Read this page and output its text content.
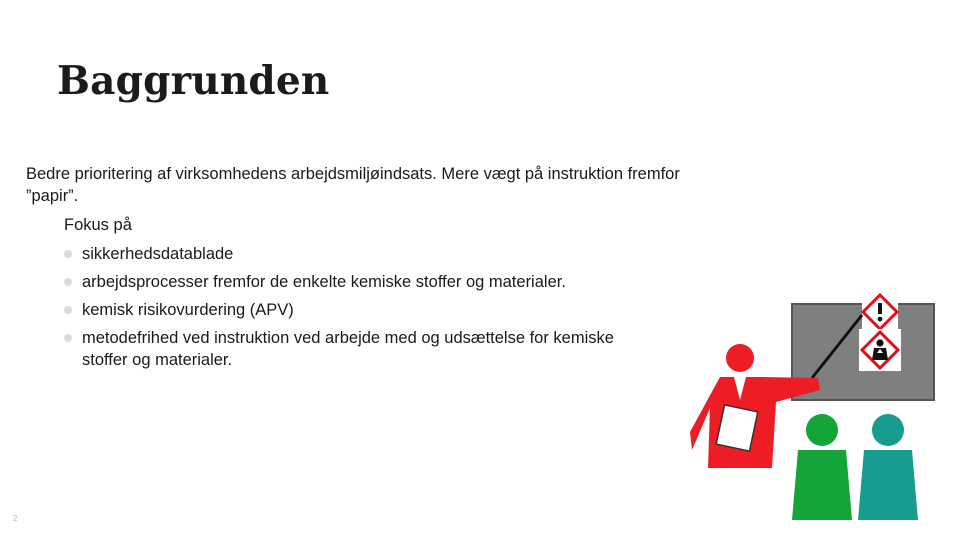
Baggrunden
Bedre prioritering af virksomhedens arbejdsmiljøindsats. Mere vægt på instruktion fremfor ”papir”.
Fokus på
sikkerhedsdatablade
arbejdsprocesser fremfor de enkelte kemiske stoffer og materialer.
kemisk risikovurdering (APV)
metodefrihed ved instruktion ved arbejde med og udsættelse for kemiske stoffer og materialer.
2
